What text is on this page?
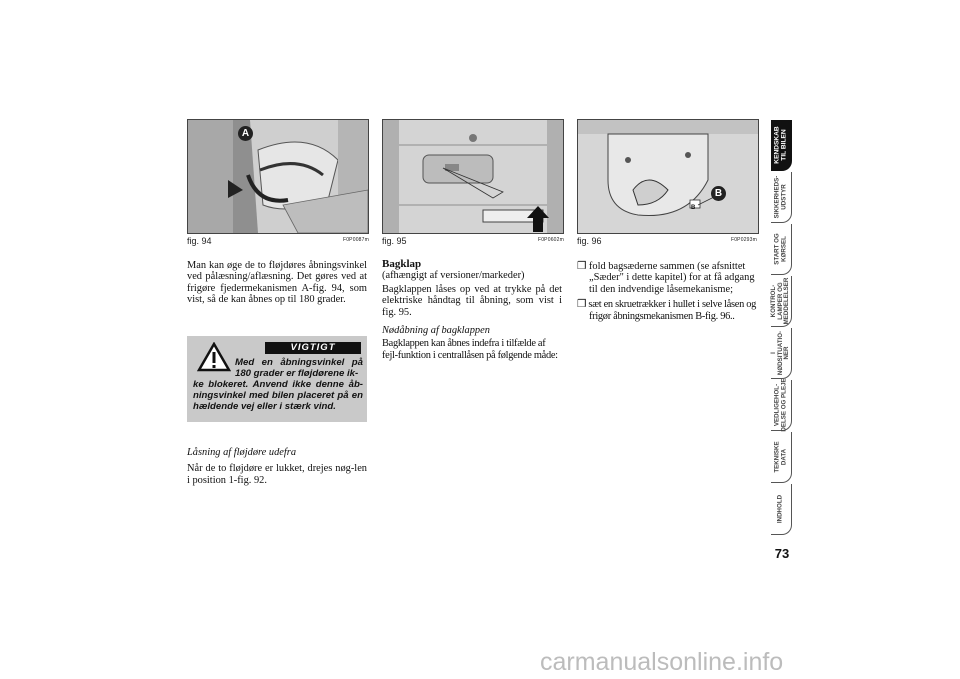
A
fig. 94	F0P0087m fig. 95	F0P0602m
B
B
fig. 96	F0P0293m

Man kan øge de to fløjdøres åbningsvinkel ved pålæsning/aflæsning. Det gøres ved at frigøre fjedermekanismen A-fig. 94, som vist, så de kan åbnes op til 180 grader.

VIGTIGT
Med en åbningsvinkel på 180 grader er fløjdørene ik-
ke blokeret. Anvend ikke denne åb-ningsvinkel med bilen placeret på en hældende vej eller i stærk vind.

Låsning af fløjdøre udefra

Når de to fløjdøre er lukket, drejes nøg-len i position 1-fig. 92.

Bagklap

(afhængigt af versioner/markeder)

Bagklappen låses op ved at trykke på det elektriske håndtag til åbning, som vist i fig. 95.

Nødåbning af bagklappen

Bagklappen kan åbnes indefra i tilfælde af fejl-funktion i centrallåsen på følgende måde:

❒ fold bagsæderne sammen (se afsnittet „Sæder" i dette kapitel) for at få adgang til den indvendige låsemekanisme;

❒ sæt en skruetrækker i hullet i selve låsen og frigør åbningsmekanismen B-fig. 96..

KENDSKAB
TIL BILEN
SIKKERHEDS-
UDSTYR
START OG
KØRSEL
KONTROL-
LAMPER OG
MEDDELELSER
I
NØDSITUATIO-
NER
VEDLIGEHOL-
DELSE OG PLEJE
TEKNISKE
DATA
INDHOLD
73
carmanualsonline.info
